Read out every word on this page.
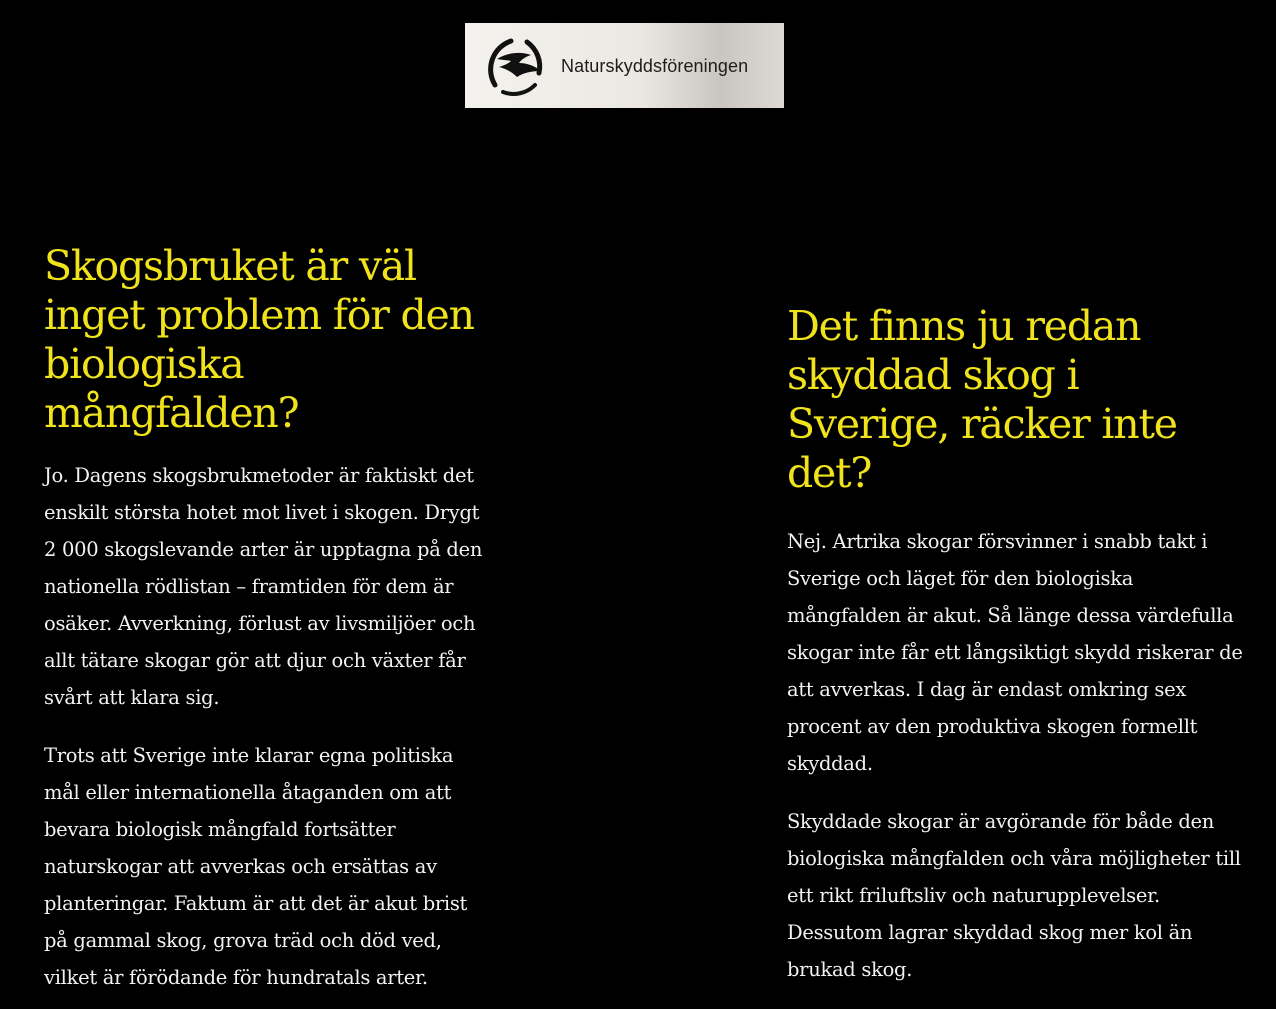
Naturskyddsföreningen
Skogsbruket är väl inget problem för den biologiska mångfalden?

Jo. Dagens skogsbrukmetoder är faktiskt det enskilt största hotet mot livet i skogen. Drygt 2 000 skogslevande arter är upptagna på den nationella rödlistan – framtiden för dem är osäker. Avverkning, förlust av livsmiljöer och allt tätare skogar gör att djur och växter får svårt att klara sig.

Trots att Sverige inte klarar egna politiska mål eller internationella åtaganden om att bevara biologisk mångfald fortsätter naturskogar att avverkas och ersättas av planteringar. Faktum är att det är akut brist på gammal skog, grova träd och död ved, vilket är förödande för hundratals arter.

Det finns ju redan skyddad skog i Sverige, räcker inte det?

Nej. Artrika skogar försvinner i snabb takt i Sverige och läget för den biologiska mångfalden är akut. Så länge dessa värdefulla skogar inte får ett långsiktigt skydd riskerar de att avverkas. I dag är endast omkring sex procent av den produktiva skogen formellt skyddad.

Skyddade skogar är avgörande för både den biologiska mångfalden och våra möjligheter till ett rikt friluftsliv och naturupplevelser. Dessutom lagrar skyddad skog mer kol än brukad skog.
